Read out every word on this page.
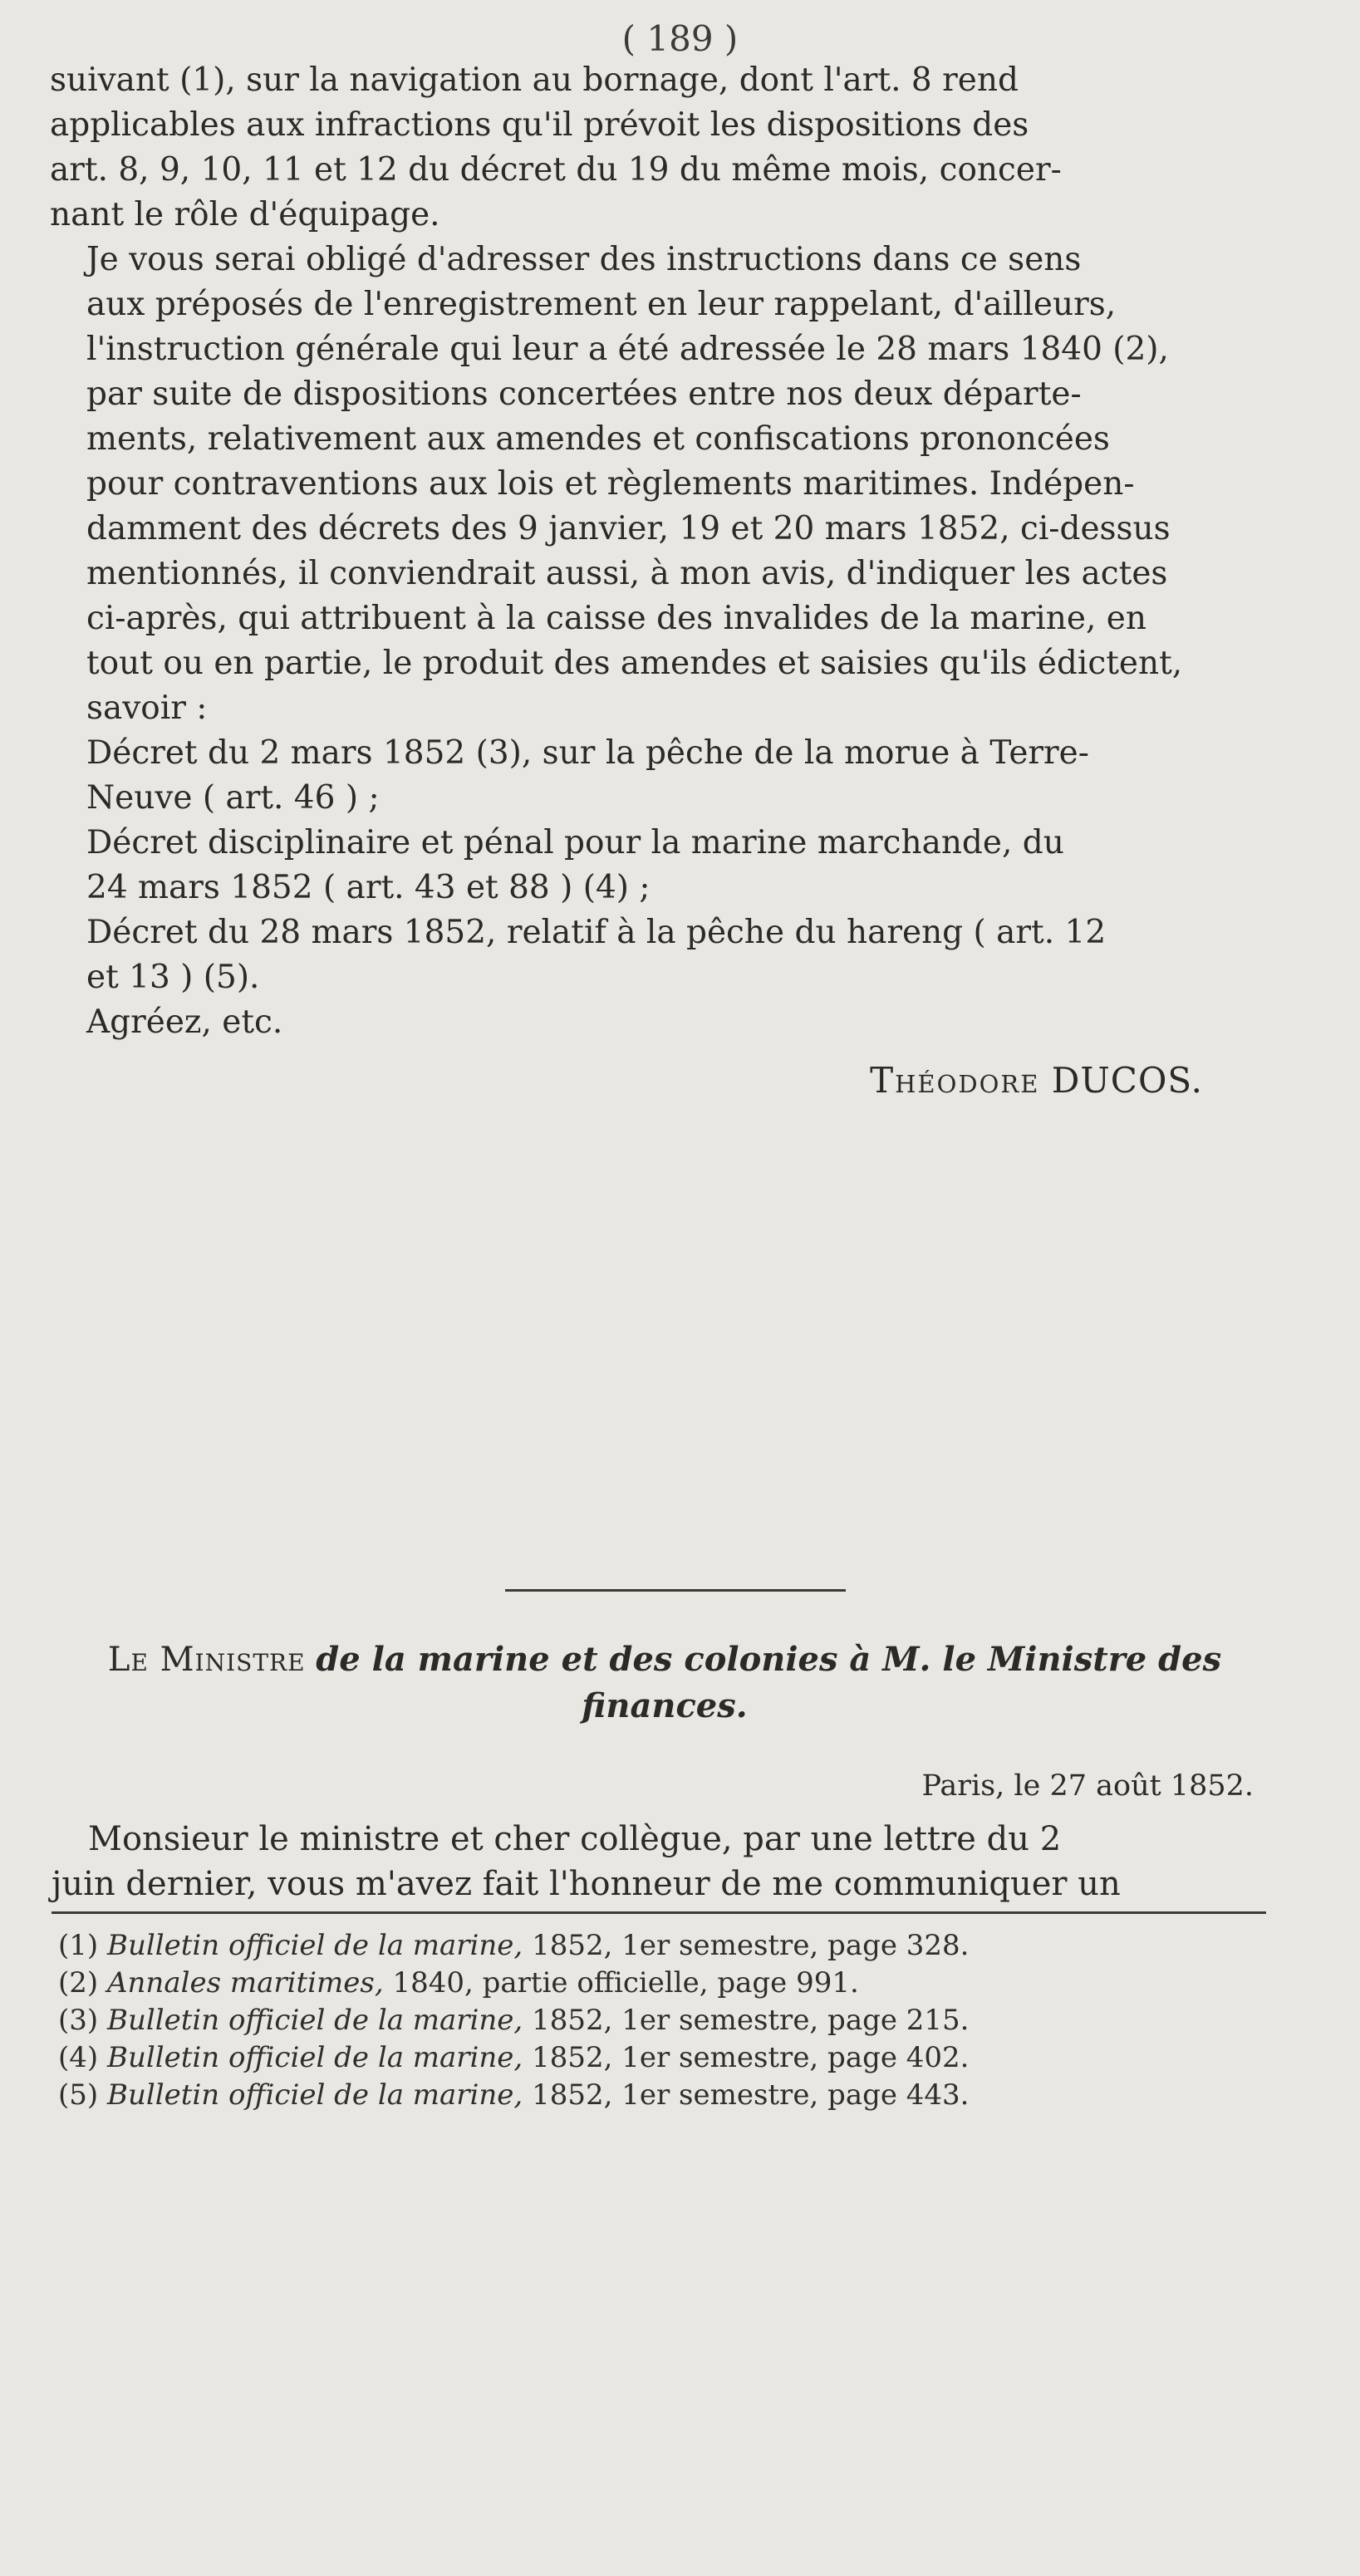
( 189 )

suivant (1), sur la navigation au bornage, dont l'art. 8 rend
applicables aux infractions qu'il prévoit les dispositions des
art. 8, 9, 10, 11 et 12 du décret du 19 du même mois, concer-
nant le rôle d'équipage.

Je vous serai obligé d'adresser des instructions dans ce sens
aux préposés de l'enregistrement en leur rappelant, d'ailleurs,
l'instruction générale qui leur a été adressée le 28 mars 1840 (2),
par suite de dispositions concertées entre nos deux départe-
ments, relativement aux amendes et confiscations prononcées
pour contraventions aux lois et règlements maritimes. Indépen-
damment des décrets des 9 janvier, 19 et 20 mars 1852, ci-dessus
mentionnés, il conviendrait aussi, à mon avis, d'indiquer les actes
ci-après, qui attribuent à la caisse des invalides de la marine, en
tout ou en partie, le produit des amendes et saisies qu'ils édictent,
savoir :

Décret du 2 mars 1852 (3), sur la pêche de la morue à Terre-
Neuve ( art. 46 ) ;

Décret disciplinaire et pénal pour la marine marchande, du
24 mars 1852 ( art. 43 et 88 ) (4) ;

Décret du 28 mars 1852, relatif à la pêche du hareng ( art. 12
et 13 ) (5).

Agréez, etc.

Théodore DUCOS.
Le Ministre de la marine et des colonies à M. le Ministre des
finances.
Paris, le 27 août 1852.
Monsieur le ministre et cher collègue, par une lettre du 2
juin dernier, vous m'avez fait l'honneur de me communiquer un
(1) Bulletin officiel de la marine, 1852, 1er semestre, page 328.
(2) Annales maritimes, 1840, partie officielle, page 991.
(3) Bulletin officiel de la marine, 1852, 1er semestre, page 215.
(4) Bulletin officiel de la marine, 1852, 1er semestre, page 402.
(5) Bulletin officiel de la marine, 1852, 1er semestre, page 443.
